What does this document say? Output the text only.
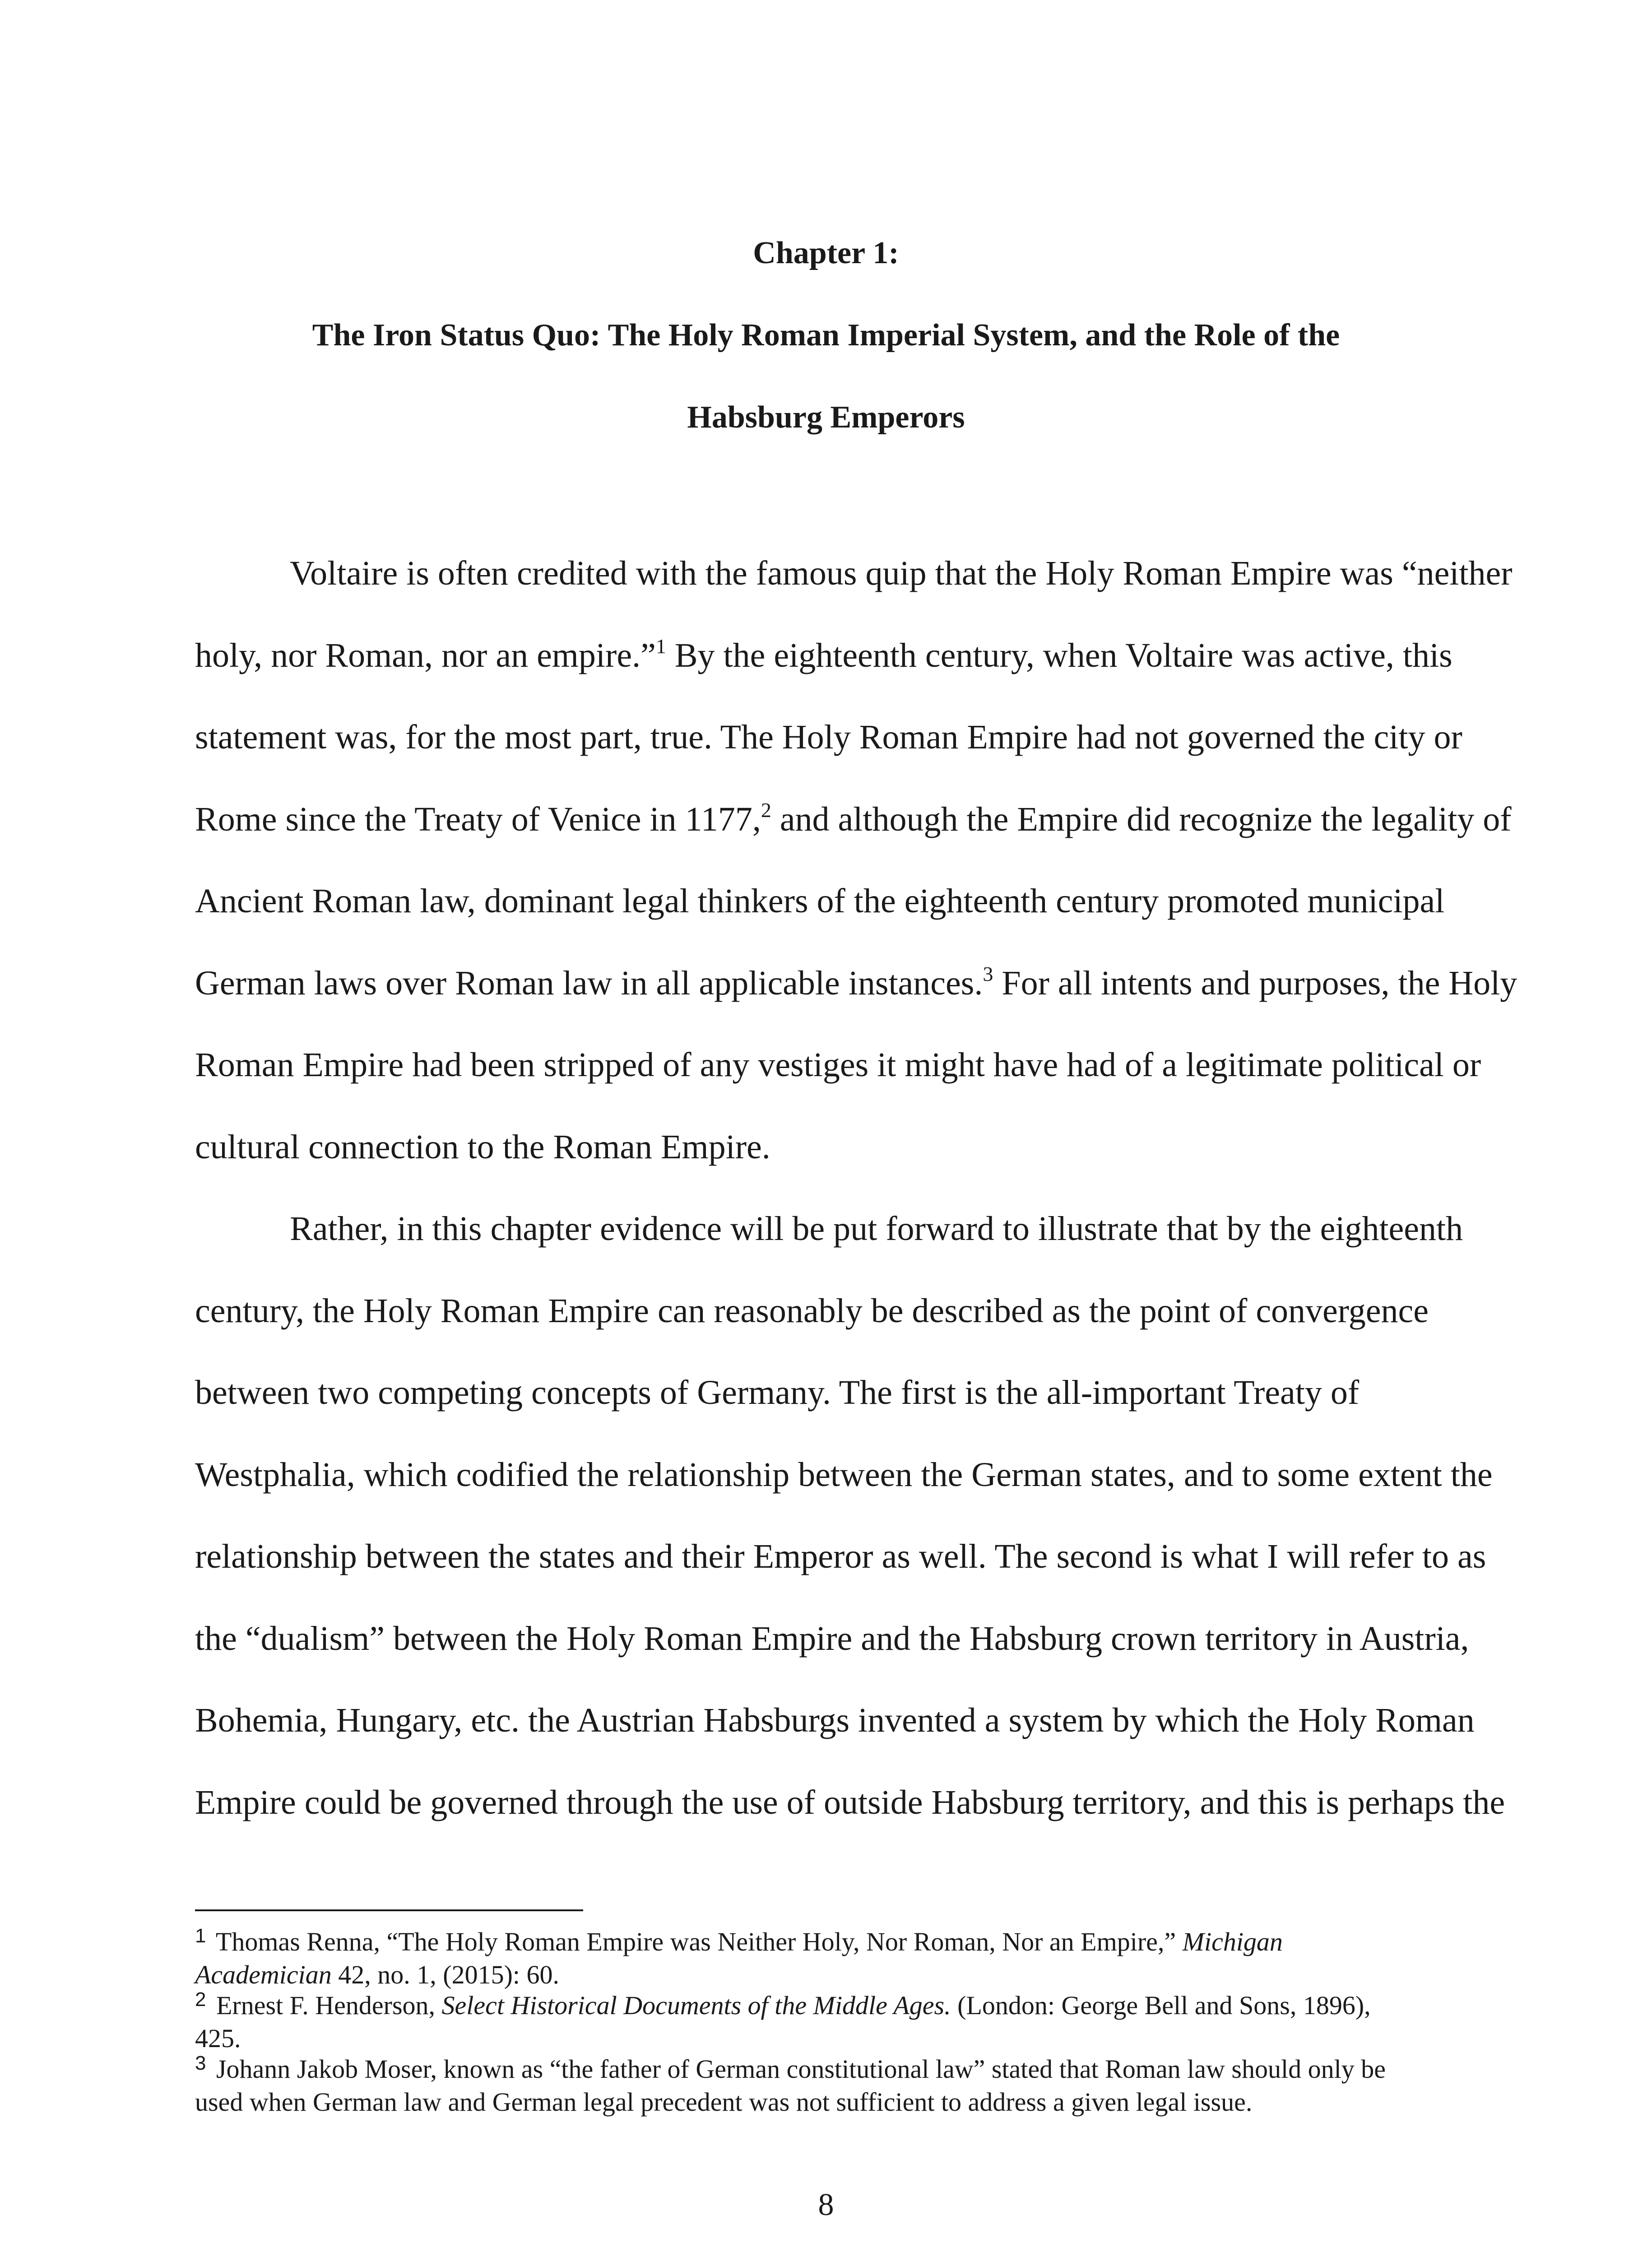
Chapter 1:
The Iron Status Quo: The Holy Roman Imperial System, and the Role of the
Habsburg Emperors
Voltaire is often credited with the famous quip that the Holy Roman Empire was “neither
holy, nor Roman, nor an empire.”$^1$ By the eighteenth century, when Voltaire was active, this
statement was, for the most part, true. The Holy Roman Empire had not governed the city or
Rome since the Treaty of Venice in 1177,$^2$ and although the Empire did recognize the legality of
Ancient Roman law, dominant legal thinkers of the eighteenth century promoted municipal
German laws over Roman law in all applicable instances.$^3$ For all intents and purposes, the Holy
Roman Empire had been stripped of any vestiges it might have had of a legitimate political or
cultural connection to the Roman Empire.
Rather, in this chapter evidence will be put forward to illustrate that by the eighteenth
century, the Holy Roman Empire can reasonably be described as the point of convergence
between two competing concepts of Germany. The first is the all-important Treaty of
Westphalia, which codified the relationship between the German states, and to some extent the
relationship between the states and their Emperor as well. The second is what I will refer to as
the “dualism” between the Holy Roman Empire and the Habsburg crown territory in Austria,
Bohemia, Hungary, etc. the Austrian Habsburgs invented a system by which the Holy Roman
Empire could be governed through the use of outside Habsburg territory, and this is perhaps the
$^1$ Thomas Renna, “The Holy Roman Empire was Neither Holy, Nor Roman, Nor an Empire,” Michigan
Academician 42, no. 1, (2015): 60.
$^2$ Ernest F. Henderson, Select Historical Documents of the Middle Ages. (London: George Bell and Sons, 1896),
425.
$^3$ Johann Jakob Moser, known as “the father of German constitutional law” stated that Roman law should only be
used when German law and German legal precedent was not sufficient to address a given legal issue.
8
